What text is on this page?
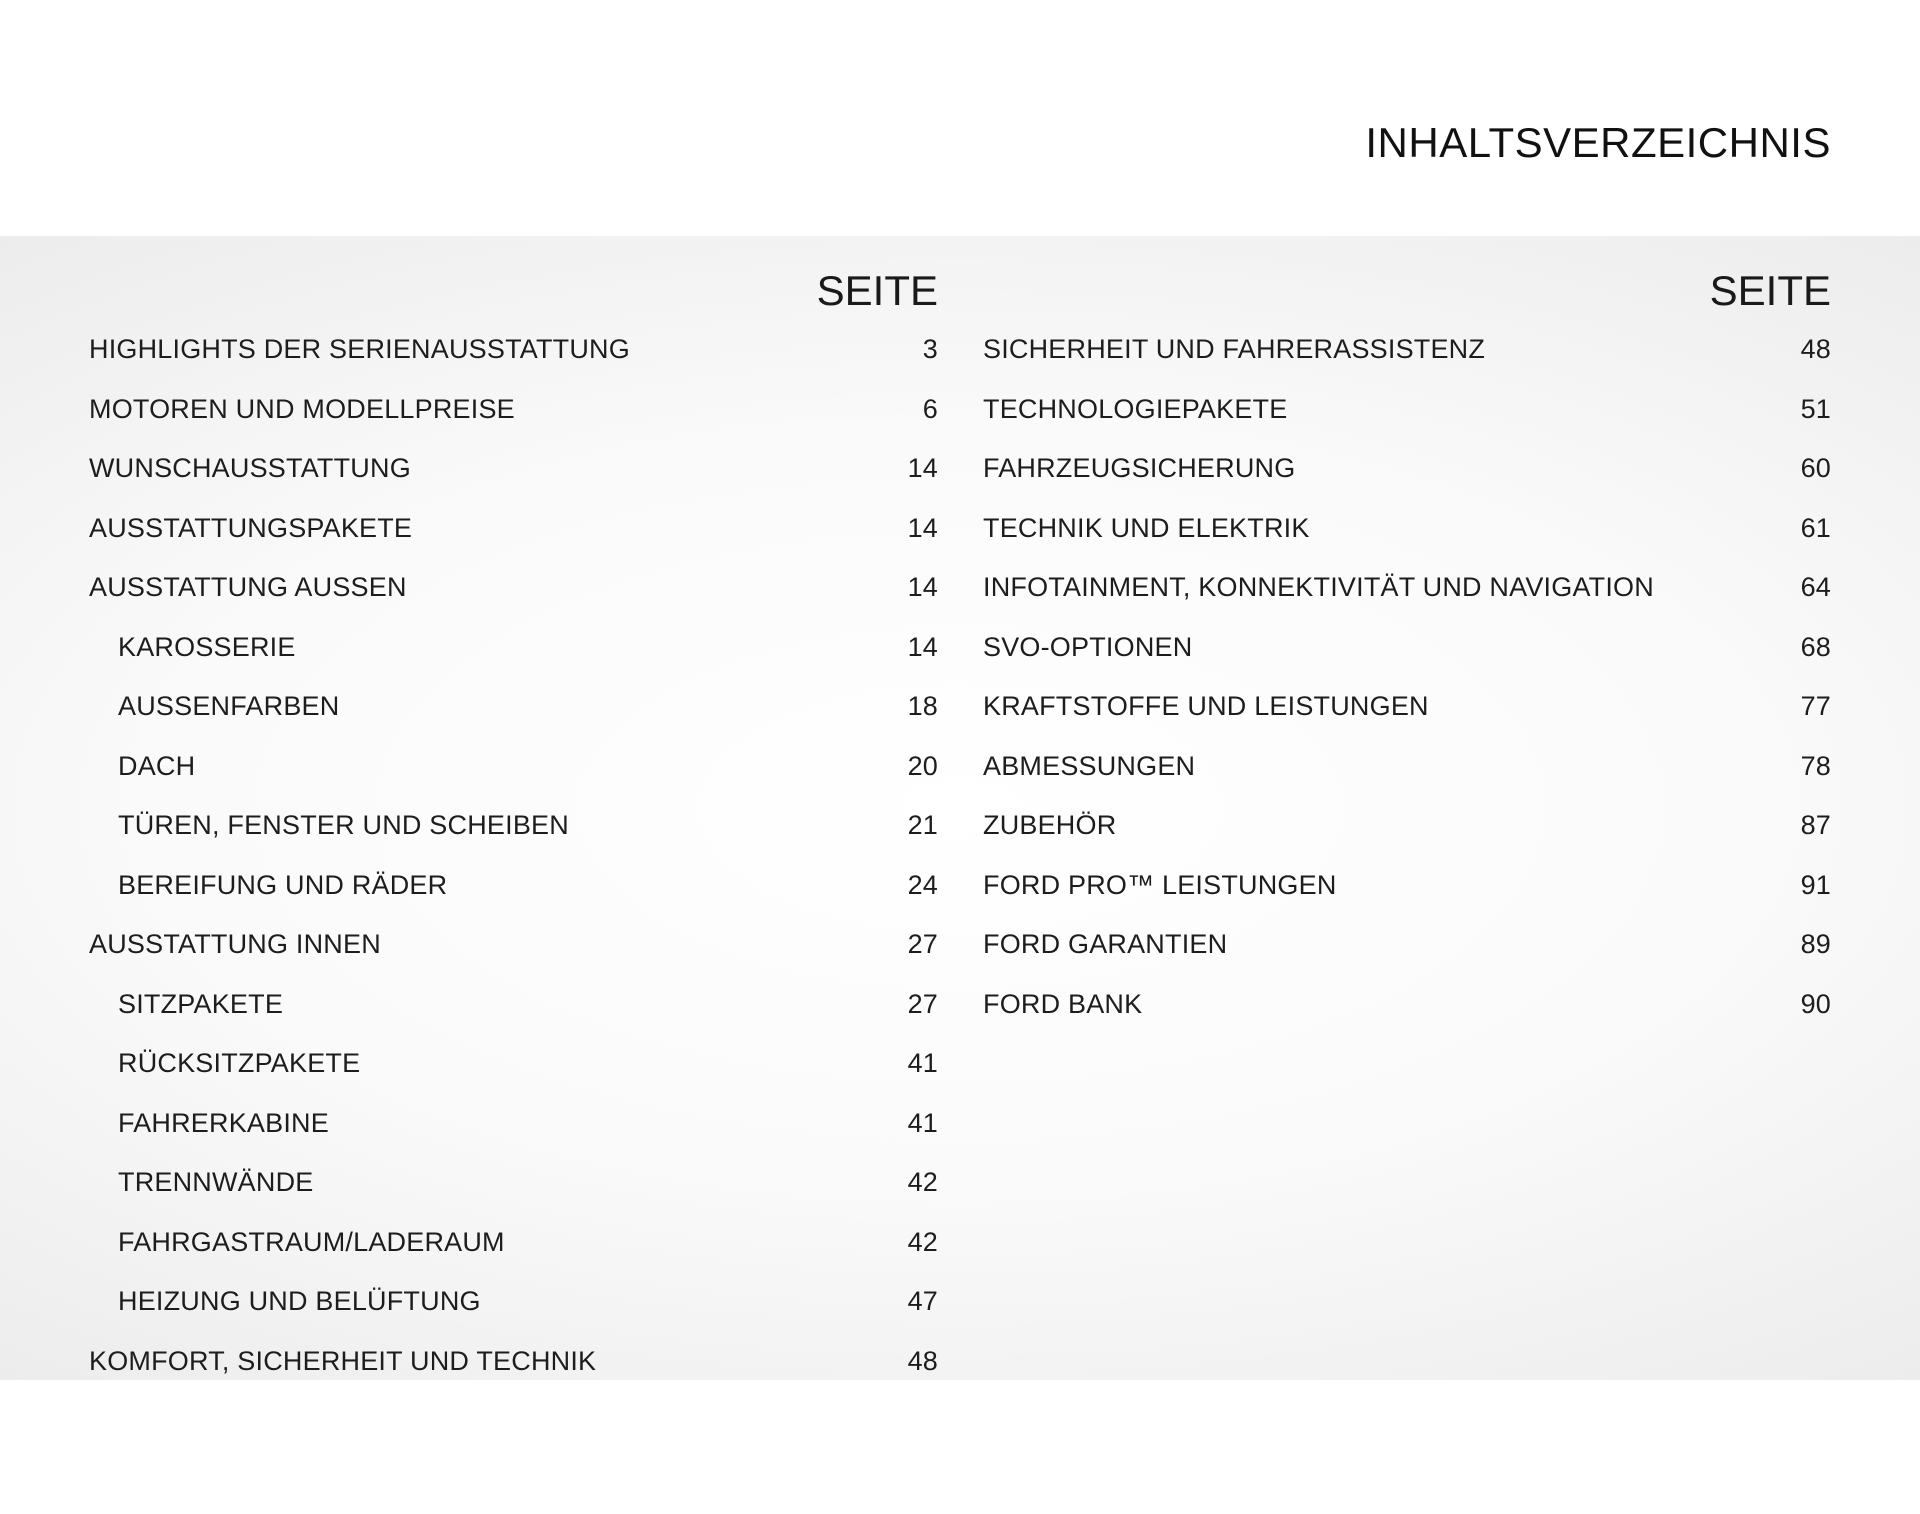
INHALTSVERZEICHNIS
SEITE
HIGHLIGHTS DER SERIENAUSSTATTUNG	3
MOTOREN UND MODELLPREISE	6
WUNSCHAUSSTATTUNG	14
AUSSTATTUNGSPAKETE	14
AUSSTATTUNG AUSSEN	14
KAROSSERIE	14
AUSSENFARBEN	18
DACH	20
TÜREN, FENSTER UND SCHEIBEN	21
BEREIFUNG UND RÄDER	24
AUSSTATTUNG INNEN	27
SITZPAKETE	27
RÜCKSITZPAKETE	41
FAHRERKABINE	41
TRENNWÄNDE	42
FAHRGASTRAUM/LADERAUM	42
HEIZUNG UND BELÜFTUNG	47
KOMFORT, SICHERHEIT UND TECHNIK	48
SEITE
SICHERHEIT UND FAHRERASSISTENZ	48
TECHNOLOGIEPAKETE	51
FAHRZEUGSICHERUNG	60
TECHNIK UND ELEKTRIK	61
INFOTAINMENT, KONNEKTIVITÄT UND NAVIGATION	64
SVO-OPTIONEN	68
KRAFTSTOFFE UND LEISTUNGEN	77
ABMESSUNGEN	78
ZUBEHÖR	87
FORD PRO™ LEISTUNGEN	91
FORD GARANTIEN	89
FORD BANK	90
